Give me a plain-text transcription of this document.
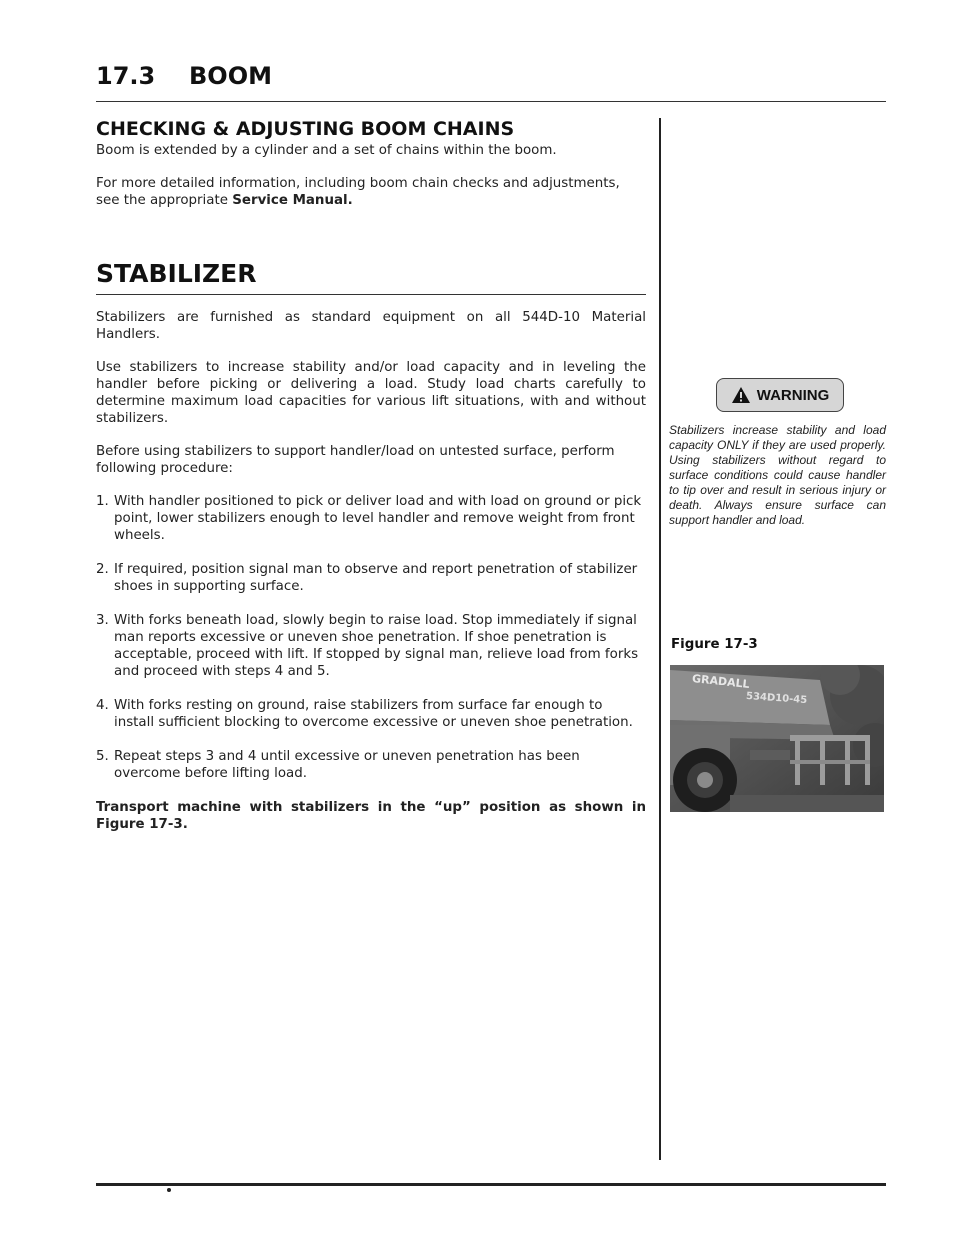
17.3 BOOM
CHECKING & ADJUSTING BOOM CHAINS

Boom is extended by a cylinder and a set of chains within the boom.

For more detailed information, including boom chain checks and adjustments, see the appropriate Service Manual.

STABILIZER

Stabilizers are furnished as standard equipment on all 544D-10 Material Handlers.

Use stabilizers to increase stability and/or load capacity and in leveling the handler before picking or delivering a load. Study load charts carefully to determine maximum load capacities for various lift situations, with and without stabilizers.

Before using stabilizers to support handler/load on untested surface, perform following procedure:

1. With handler positioned to pick or deliver load and with load on ground or pick point, lower stabilizers enough to level handler and remove weight from front wheels.
2. If required, position signal man to observe and report penetration of stabilizer shoes in supporting surface.
3. With forks beneath load, slowly begin to raise load. Stop immediately if signal man reports excessive or uneven shoe penetration. If shoe penetration is acceptable, proceed with lift. If stopped by signal man, relieve load from forks and proceed with steps 4 and 5.
4. With forks resting on ground, raise stabilizers from surface far enough to install sufficient blocking to overcome excessive or uneven shoe penetration.
5. Repeat steps 3 and 4 until excessive or uneven penetration has been overcome before lifting load.

Transport machine with stabilizers in the “up” position as shown in Figure 17-3.

WARNING
Stabilizers increase stability and load capacity ONLY if they are used properly. Using stabilizers without regard to surface conditions could cause handler to tip over and result in serious injury or death. Always ensure surface can support handler and load.
Figure 17-3
GRADALL
534D10-45
